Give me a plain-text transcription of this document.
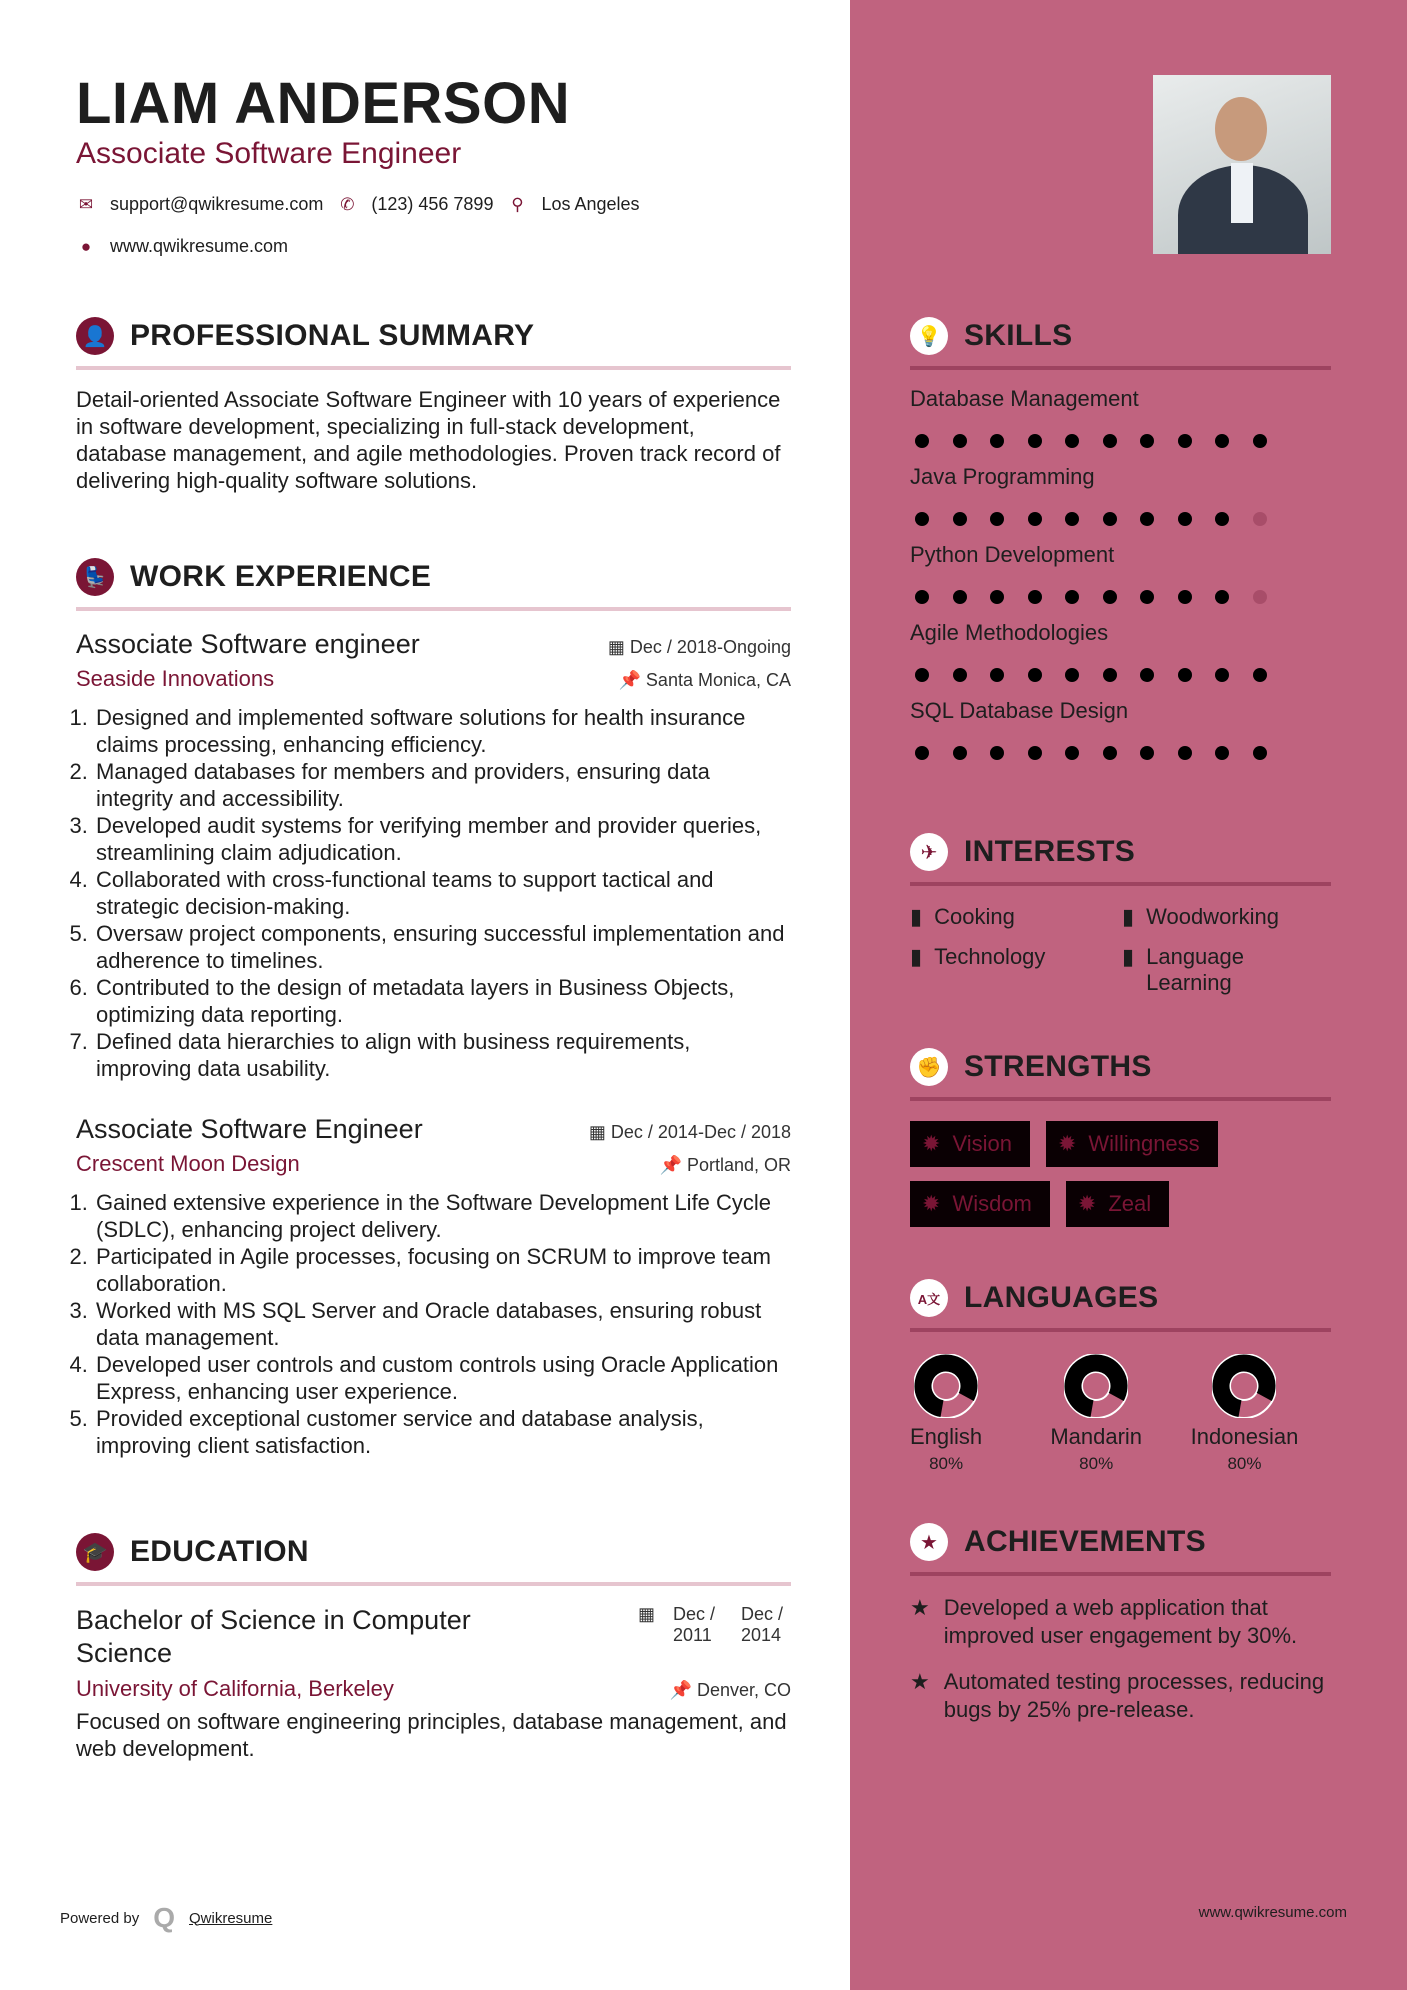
LIAM ANDERSON
Associate Software Engineer
✉ support@qwikresume.com ✆ (123) 456 7899 ⚲ Los Angeles
● www.qwikresume.com
👤 PROFESSIONAL SUMMARY
Detail-oriented Associate Software Engineer with 10 years of experience in software development, specializing in full-stack development, database management, and agile methodologies. Proven track record of delivering high-quality software solutions.
💺 WORK EXPERIENCE
Associate Software engineer	▦ Dec / 2018-Ongoing
Seaside Innovations	📌 Santa Monica, CA
1. Designed and implemented software solutions for health insurance claims processing, enhancing efficiency.
2. Managed databases for members and providers, ensuring data integrity and accessibility.
3. Developed audit systems for verifying member and provider queries, streamlining claim adjudication.
4. Collaborated with cross-functional teams to support tactical and strategic decision-making.
5. Oversaw project components, ensuring successful implementation and adherence to timelines.
6. Contributed to the design of metadata layers in Business Objects, optimizing data reporting.
7. Defined data hierarchies to align with business requirements, improving data usability.
Associate Software Engineer	▦ Dec / 2014-Dec / 2018
Crescent Moon Design	📌 Portland, OR
1. Gained extensive experience in the Software Development Life Cycle (SDLC), enhancing project delivery.
2. Participated in Agile processes, focusing on SCRUM to improve team collaboration.
3. Worked with MS SQL Server and Oracle databases, ensuring robust data management.
4. Developed user controls and custom controls using Oracle Application Express, enhancing user experience.
5. Provided exceptional customer service and database analysis, improving client satisfaction.
🎓 EDUCATION
Bachelor of Science in Computer Science
▦ Dec / 2011
Dec / 2014
University of California, Berkeley	📌 Denver, CO
Focused on software engineering principles, database management, and web development.
Powered by Q Qwikresume
💡 SKILLS
Database Management
Java Programming
Python Development
Agile Methodologies
SQL Database Design
✈ INTERESTS
▮ Cooking	▮ Woodworking
▮ Technology	▮ Language Learning
✊ STRENGTHS
✹ Vision ✹ Willingness
✹ Wisdom ✹ Zeal
A文 LANGUAGES
English
80%
Mandarin
80%
Indonesian
80%
★ ACHIEVEMENTS
★ Developed a web application that improved user engagement by 30%.
★ Automated testing processes, reducing bugs by 25% pre-release.
www.qwikresume.com
